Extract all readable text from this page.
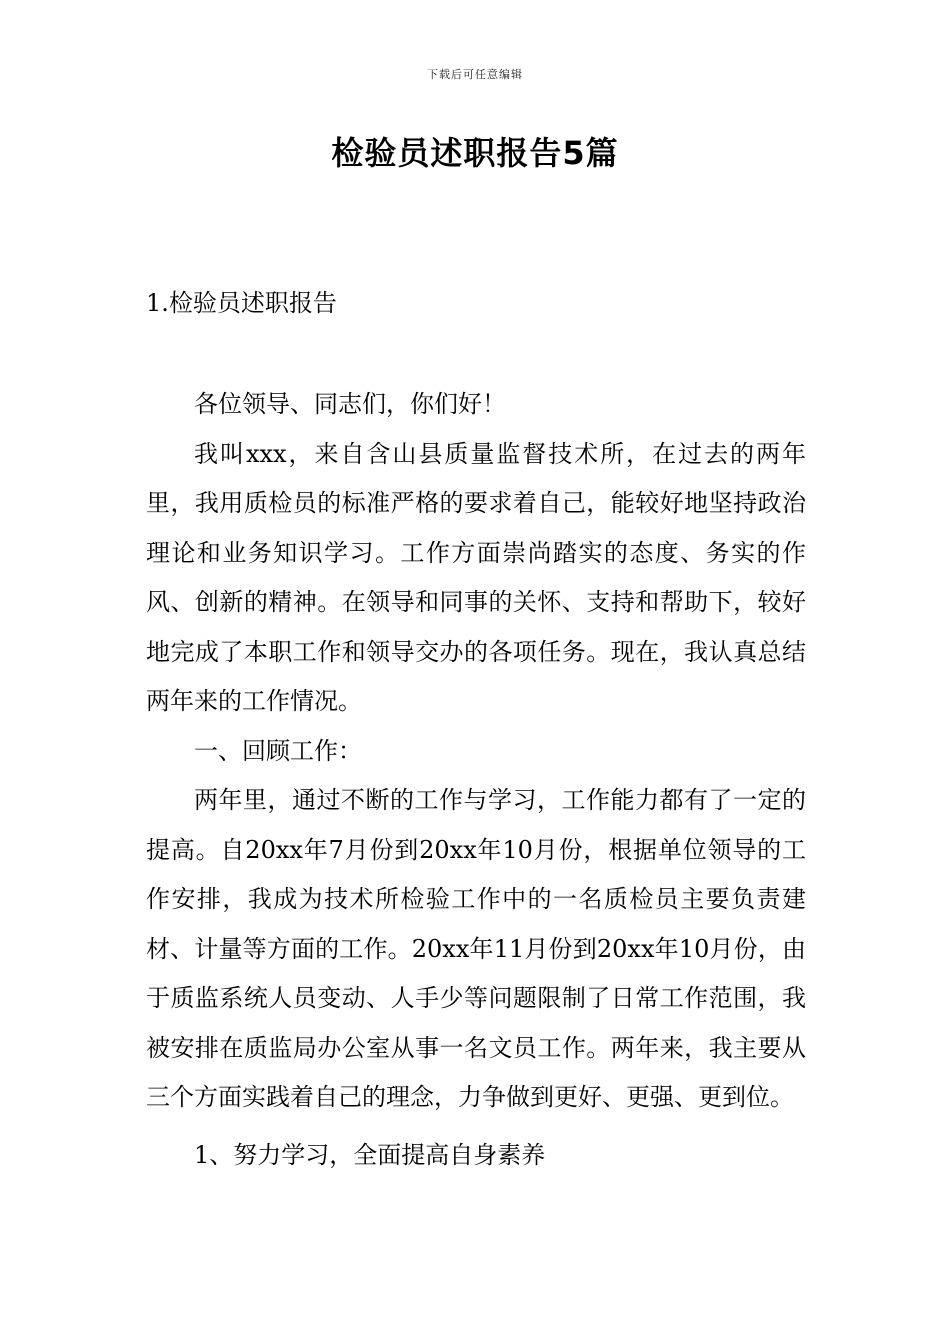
下载后可任意编辑
检验员述职报告5篇
1.检验员述职报告

各位领导、同志们，你们好！

我叫xxx，来自含山县质量监督技术所，在过去的两年里，我用质检员的标准严格的要求着自己，能较好地坚持政治理论和业务知识学习。工作方面崇尚踏实的态度、务实的作风、创新的精神。在领导和同事的关怀、支持和帮助下，较好地完成了本职工作和领导交办的各项任务。现在，我认真总结两年来的工作情况。

一、回顾工作：

两年里，通过不断的工作与学习，工作能力都有了一定的提高。自20xx年7月份到20xx年10月份，根据单位领导的工作安排，我成为技术所检验工作中的一名质检员主要负责建材、计量等方面的工作。20xx年11月份到20xx年10月份，由于质监系统人员变动、人手少等问题限制了日常工作范围，我被安排在质监局办公室从事一名文员工作。两年来，我主要从三个方面实践着自己的理念，力争做到更好、更强、更到位。

1、努力学习，全面提高自身素养
